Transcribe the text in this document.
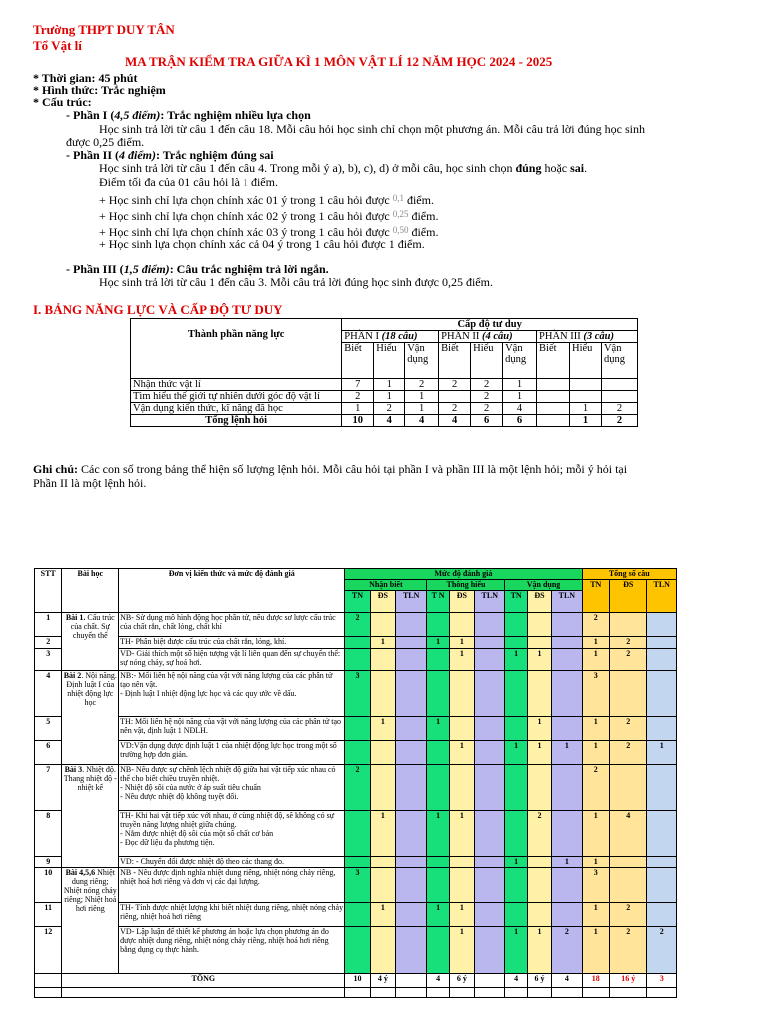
Trường THPT DUY TÂN
Tổ Vật lí
MA TRẬN KIỂM TRA GIỮA KÌ 1 MÔN VẬT LÍ 12 NĂM HỌC 2024 - 2025
* Thời gian: 45 phút
* Hình thức: Trắc nghiệm
* Cấu trúc:
- Phần I (4,5 điểm): Trắc nghiệm nhiều lựa chọn
Học sinh trả lời từ câu 1 đến câu 18. Mỗi câu hỏi học sinh chỉ chọn một phương án. Mỗi câu trả lời đúng học sinh
được 0,25 điểm.
- Phần II (4 điểm): Trắc nghiệm đúng sai
Học sinh trả lời từ câu 1 đến câu 4. Trong mỗi ý a), b), c), d) ở mỗi câu, học sinh chọn đúng hoặc sai.
Điểm tối đa của 01 câu hỏi là 1 điểm.
+ Học sinh chỉ lựa chọn chính xác 01 ý trong 1 câu hỏi được $^{0,1}$ điểm.
+ Học sinh chỉ lựa chọn chính xác 02 ý trong 1 câu hỏi được $^{0,25}$ điểm.
+ Học sinh chỉ lựa chọn chính xác 03 ý trong 1 câu hỏi được $^{0,50}$ điểm.
+ Học sinh lựa chọn chính xác cả 04 ý trong 1 câu hỏi được 1 điểm.
- Phần III (1,5 điểm): Câu trắc nghiệm trả lời ngắn.
Học sinh trả lời từ câu 1 đến câu 3. Mỗi câu trả lời đúng học sinh được 0,25 điểm.
I. BẢNG NĂNG LỰC VÀ CẤP ĐỘ TƯ DUY
Thành phần năng lực	Cấp độ tư duy								
	PHẦN I (18 câu)			PHẦN II (4 câu)			PHẦN III (3 câu)		
	Biết	Hiểu	Vận dụng	Biết	Hiểu	Vận dụng	Biết	Hiểu	Vận dụng
Nhận thức vật lí	7	1	2	2	2	1			
Tìm hiểu thế giới tự nhiên dưới góc độ vật lí	2	1	1		2	1			
Vận dụng kiến thức, kĩ năng đã học	1	2	1	2	2	4		1	2
Tổng lệnh hỏi	10	4	4	4	6	6		1	2
Ghi chú: Các con số trong bảng thể hiện số lượng lệnh hỏi. Mỗi câu hỏi tại phần I và phần III là một lệnh hỏi; mỗi ý hỏi tại
Phần II là một lệnh hỏi.
STT	Bài học	Đơn vị kiến thức và mức độ đánh giá	Mức độ đánh giá									Tổng số câu		
			Nhận biết			Thông hiểu			Vận dụng			TN	ĐS	TLN
			TN	ĐS	TLN	T N	ĐS	TLN	TN	ĐS	TLN			
1	Bài 1. Cấu trúc của chất. Sự chuyển thể	NB- Sử dụng mô hình động học phân tử, nêu được sơ lược cấu trúc của chất rắn, chất lỏng, chất khí	2									2		
2		TH- Phân biệt được cấu trúc của chất rắn, lỏng, khí.		1		1	1					1	2	
3		VD- Giải thích một số hiện tượng vật lí liên quan đến sự chuyển thể: sự nóng chảy, sự hoá hơi.					1		1	1		1	2	
4	Bài 2. Nội năng. Định luật I của nhiệt động lực học	NB:- Mối liên hệ nội năng của vật với năng lượng của các phân tử tạo nên vật.
- Định luật I nhiệt động lực học và các quy ước về dấu.	3									3		
5		TH: Mối liên hệ nội năng của vật với năng lượng của các phân tử tạo nên vật, định luật 1 NĐLH.		1		1				1		1	2	
6		VD:Vận dụng được định luật 1 của nhiệt động lực học trong một số trường hợp đơn giản.					1		1	1	1	1	2	1
7	Bài 3. Nhiệt độ. Thang nhiệt độ - nhiệt kế	NB- Nêu được sự chênh lệch nhiệt độ giữa hai vật tiếp xúc nhau có thể cho biết chiều truyền nhiệt.
- Nhiệt độ sôi của nước ở áp suất tiêu chuẩn
- Nêu được nhiệt độ không tuyệt đối.	2									2		
8		TH- Khi hai vật tiếp xúc với nhau, ở cùng nhiệt độ, sẽ không có sự truyền năng lượng nhiệt giữa chúng.
- Nắm được nhiệt độ sôi của một số chất cơ bản
- Đọc dữ liệu đa phương tiện.		1		1	1			2		1	4	
9		VD: - Chuyển đổi được nhiệt độ theo các thang đo.							1		1	1		
10	Bài 4,5,6 Nhiệt dung riêng; Nhiệt nóng chảy riêng; Nhiệt hoá hơi riêng	NB - Nêu được định nghĩa nhiệt dung riêng, nhiệt nóng chảy riêng, nhiệt hoá hơi riêng và đơn vị các đại lượng.	3									3		
11		TH- Tính được nhiệt lượng khi biết nhiệt dung riêng, nhiệt nóng chảy riêng, nhiệt hoá hơi riêng		1		1	1					1	2	
12		VD- Lập luận để thiết kế phương án hoặc lựa chọn phương án đo được nhiệt dung riêng, nhiệt nóng chảy riêng, nhiệt hoá hơi riêng bằng dụng cụ thực hành.					1		1	1	2	1	2	2
	TỔNG		10	4 ý		4	6 ý		4	6 ý	4	18	16 ý	3
